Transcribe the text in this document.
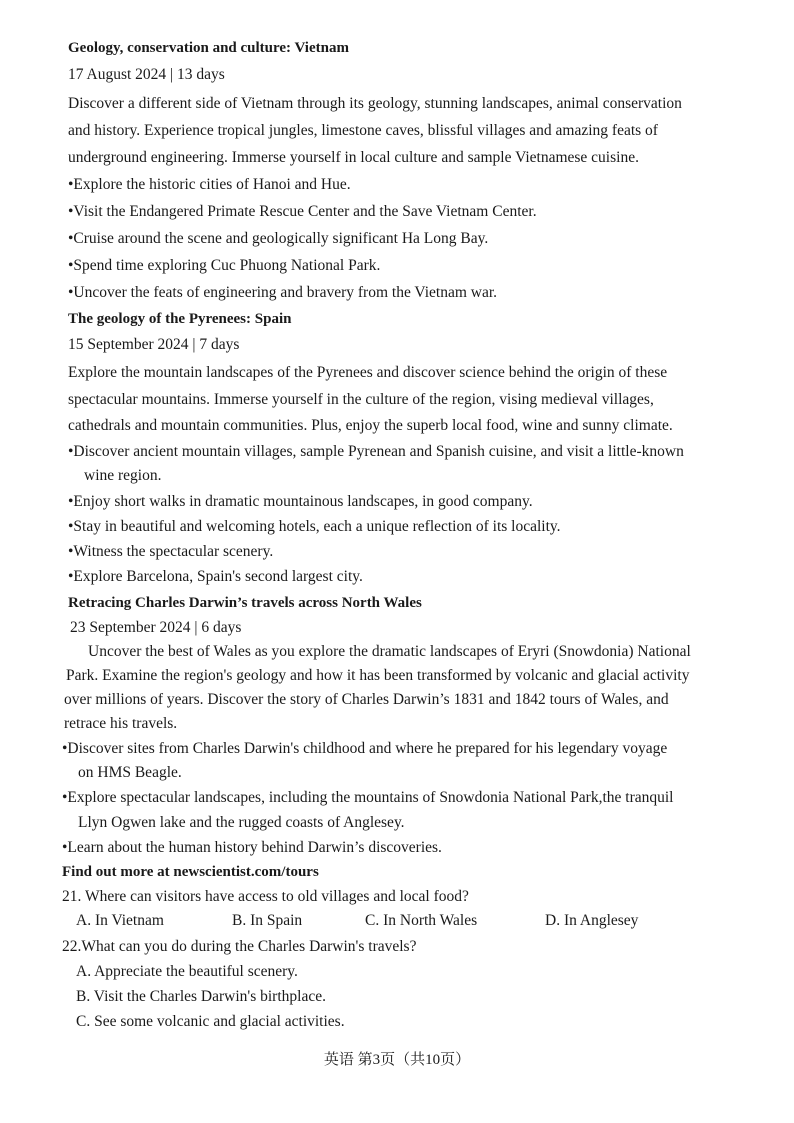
Geology, conservation and culture: Vietnam
17 August 2024 | 13 days
Discover a different side of Vietnam through its geology, stunning landscapes, animal conservation
and history. Experience tropical jungles, limestone caves, blissful villages and amazing feats of
underground engineering. Immerse yourself in local culture and sample Vietnamese cuisine.
•Explore the historic cities of Hanoi and Hue.
•Visit the Endangered Primate Rescue Center and the Save Vietnam Center.
•Cruise around the scene and geologically significant Ha Long Bay.
•Spend time exploring Cuc Phuong National Park.
•Uncover the feats of engineering and bravery from the Vietnam war.
The geology of the Pyrenees: Spain
15 September 2024 | 7 days
Explore the mountain landscapes of the Pyrenees and discover science behind the origin of these
spectacular mountains. Immerse yourself in the culture of the region, vising medieval villages,
cathedrals and mountain communities. Plus, enjoy the superb local food, wine and sunny climate.
•Discover ancient mountain villages, sample Pyrenean and Spanish cuisine, and visit a little-known
wine region.
•Enjoy short walks in dramatic mountainous landscapes, in good company.
•Stay in beautiful and welcoming hotels, each a unique reflection of its locality.
•Witness the spectacular scenery.
•Explore Barcelona, Spain's second largest city.
Retracing Charles Darwin’s travels across North Wales
23 September 2024 | 6 days
Uncover the best of Wales as you explore the dramatic landscapes of Eryri (Snowdonia) National
Park. Examine the region's geology and how it has been transformed by volcanic and glacial activity
over millions of years. Discover the story of Charles Darwin’s 1831 and 1842 tours of Wales, and
retrace his travels.
•Discover sites from Charles Darwin's childhood and where he prepared for his legendary voyage
on HMS Beagle.
•Explore spectacular landscapes, including the mountains of Snowdonia National Park,the tranquil
Llyn Ogwen lake and the rugged coasts of Anglesey.
•Learn about the human history behind Darwin’s discoveries.
Find out more at newscientist.com/tours
21. Where can visitors have access to old villages and local food?
A. In Vietnam	B. In Spain	C. In North Wales	D. In Anglesey
22.What can you do during the Charles Darwin's travels?
A. Appreciate the beautiful scenery.
B. Visit the Charles Darwin's birthplace.
C. See some volcanic and glacial activities.
英语 第3页（共10页）
